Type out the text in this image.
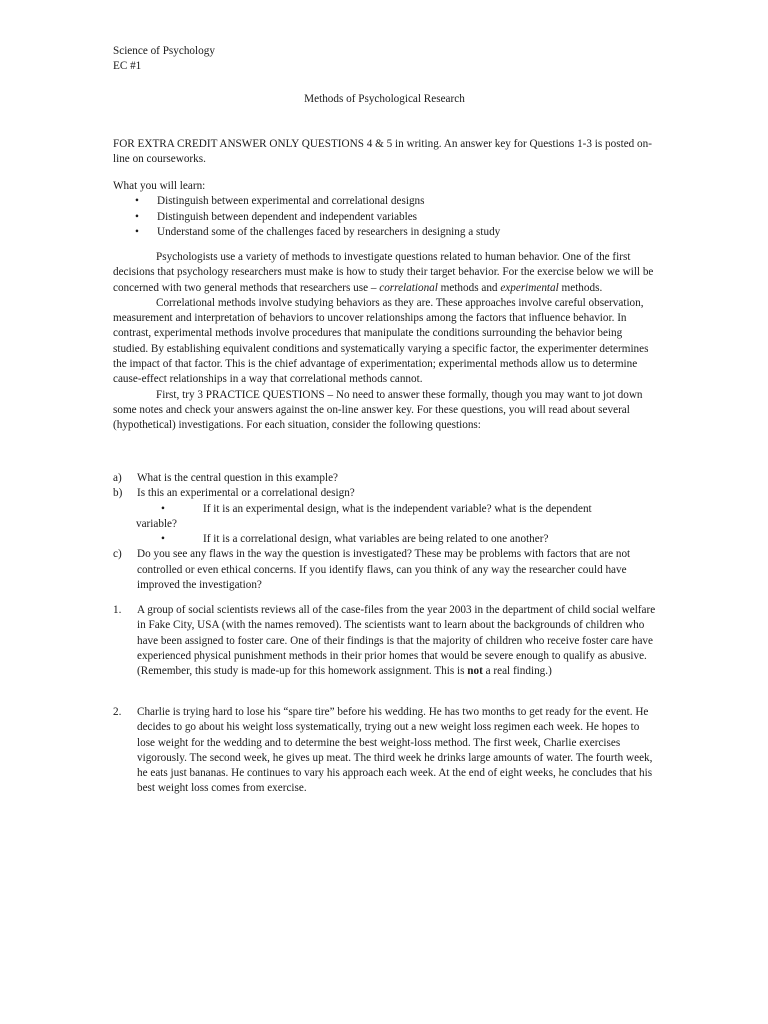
Science of Psychology

EC #1

Methods of Psychological Research

FOR EXTRA CREDIT ANSWER ONLY QUESTIONS 4 & 5 in writing. An answer key for Questions 1-3 is posted on-line on courseworks.

What you will learn:

• Distinguish between experimental and correlational designs
• Distinguish between dependent and independent variables
• Understand some of the challenges faced by researchers in designing a study

Psychologists use a variety of methods to investigate questions related to human behavior. One of the first decisions that psychology researchers must make is how to study their target behavior. For the exercise below we will be concerned with two general methods that researchers use – correlational methods and experimental methods.

Correlational methods involve studying behaviors as they are. These approaches involve careful observation, measurement and interpretation of behaviors to uncover relationships among the factors that influence behavior. In contrast, experimental methods involve procedures that manipulate the conditions surrounding the behavior being studied. By establishing equivalent conditions and systematically varying a specific factor, the experimenter determines the impact of that factor. This is the chief advantage of experimentation; experimental methods allow us to determine cause-effect relationships in a way that correlational methods cannot.

First, try 3 PRACTICE QUESTIONS – No need to answer these formally, though you may want to jot down some notes and check your answers against the on-line answer key. For these questions, you will read about several (hypothetical) investigations. For each situation, consider the following questions:

a) What is the central question in this example?
b) Is this an experimental or a correlational design?
•	If it is an experimental design, what is the independent variable? what is the dependent
variable?
•	If it is a correlational design, what variables are being related to one another?
c) Do you see any flaws in the way the question is investigated? These may be problems with factors that are not controlled or even ethical concerns. If you identify flaws, can you think of any way the researcher could have improved the investigation?
1. A group of social scientists reviews all of the case-files from the year 2003 in the department of child social welfare in Fake City, USA (with the names removed). The scientists want to learn about the backgrounds of children who have been assigned to foster care. One of their findings is that the majority of children who receive foster care have experienced physical punishment methods in their prior homes that would be severe enough to qualify as abusive. (Remember, this study is made-up for this homework assignment. This is not a real finding.)
2. Charlie is trying hard to lose his “spare tire” before his wedding. He has two months to get ready for the event. He decides to go about his weight loss systematically, trying out a new weight loss regimen each week. He hopes to lose weight for the wedding and to determine the best weight-loss method. The first week, Charlie exercises vigorously. The second week, he gives up meat. The third week he drinks large amounts of water. The fourth week, he eats just bananas. He continues to vary his approach each week. At the end of eight weeks, he concludes that his best weight loss comes from exercise.
